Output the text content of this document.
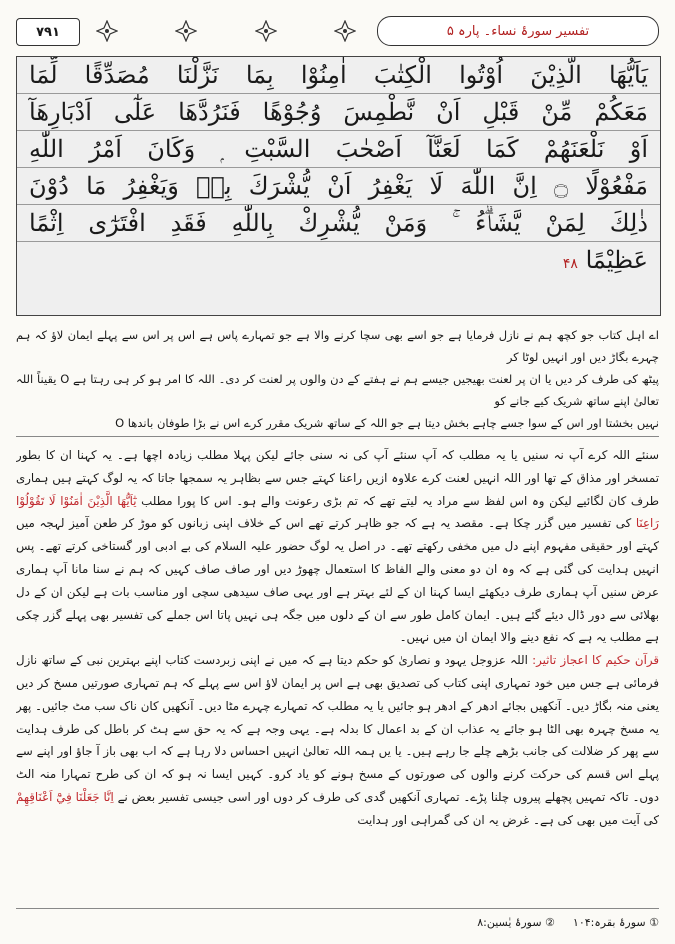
٧٩١	تفسیر سورۂ نساء۔ پارہ ۵
يَاَيُّهَا الَّذِيْنَ اُوْتُوا الْكِتٰبَ اٰمِنُوْا بِمَا نَزَّلْنَا مُصَدِّقًا لِّمَا
مَعَكُمْ مِّنْ قَبْلِ اَنْ نَّطْمِسَ وُجُوْهًا فَنَرُدَّهَا عَلٰٓى اَدْبَارِهَآ
اَوْ نَلْعَنَهُمْ كَمَا لَعَنَّآ اَصْحٰبَ السَّبْتِ ۭ وَكَانَ اَمْرُ اللّٰهِ
مَفْعُوْلًا ۝ اِنَّ اللّٰهَ لَا يَغْفِرُ اَنْ يُّشْرَكَ بِهٖ وَيَغْفِرُ مَا دُوْنَ
ذٰلِكَ لِمَنْ يَّشَاۗءُ ۚ وَمَنْ يُّشْرِكْ بِاللّٰهِ فَقَدِ افْتَرٰٓى اِثْمًا
عَظِيْمًا ۴۸

اے اہل کتاب جو کچھ ہم نے نازل فرمایا ہے جو اسے بھی سچا کرنے والا ہے جو تمہارے پاس ہے اس پر اس سے پہلے ایمان لاؤ کہ ہم چہرے بگاڑ دیں اور انہیں لوٹا کر

پیٹھ کی طرف کر دیں یا ان پر لعنت بھیجیں جیسے ہم نے ہفتے کے دن والوں پر لعنت کر دی۔ اللہ کا امر ہو کر ہی رہتا ہے O یقیناً اللہ تعالیٰ اپنے ساتھ شریک کیے جانے کو

نہیں بخشتا اور اس کے سوا جسے چاہے بخش دیتا ہے جو اللہ کے ساتھ شریک مقرر کرے اس نے بڑا طوفان باندھا O

سنئے اللہ کرے آپ نہ سنیں یا یہ مطلب کہ آپ سنئے آپ کی نہ سنی جائے لیکن پہلا مطلب زیادہ اچھا ہے۔ یہ کہنا ان کا بطور تمسخر اور مذاق کے تھا اور اللہ انہیں لعنت کرے علاوہ ازیں راعنا کہتے جس سے بظاہر یہ سمجھا جاتا کہ یہ لوگ کہتے ہیں ہماری طرف کان لگائیے لیکن وہ اس لفظ سے مراد یہ لیتے تھے کہ تم بڑی رعونت والے ہو۔ اس کا پورا مطلب يٰٓاَيُّهَا الَّذِيْنَ اٰمَنُوْا لَا تَقُوْلُوْا رَاعِنَا کی تفسیر میں گزر چکا ہے۔ مقصد یہ ہے کہ جو ظاہر کرتے تھے اس کے خلاف اپنی زبانوں کو موڑ کر طعن آمیز لہجہ میں کہتے اور حقیقی مفہوم اپنے دل میں مخفی رکھتے تھے۔ در اصل یہ لوگ حضور علیہ السلام کی بے ادبی اور گستاخی کرتے تھے۔ پس انہیں ہدایت کی گئی ہے کہ وہ ان دو معنی والے الفاظ کا استعمال چھوڑ دیں اور صاف صاف کہیں کہ ہم نے سنا مانا آپ ہماری عرض سنیں آپ ہماری طرف دیکھئے ایسا کہنا ان کے لئے بہتر ہے اور یہی صاف سیدھی سچی اور مناسب بات ہے لیکن ان کے دل بھلائی سے دور ڈال دیئے گئے ہیں۔ ایمان کامل طور سے ان کے دلوں میں جگہ ہی نہیں پاتا اس جملے کی تفسیر بھی پہلے گزر چکی ہے مطلب یہ ہے کہ نفع دینے والا ایمان ان میں نہیں۔

قرآن حکیم کا اعجاز تاثیر: اللہ عزوجل یہود و نصاریٰ کو حکم دیتا ہے کہ میں نے اپنی زبردست کتاب اپنے بہترین نبی کے ساتھ نازل فرمائی ہے جس میں خود تمہاری اپنی کتاب کی تصدیق بھی ہے اس پر ایمان لاؤ اس سے پہلے کہ ہم تمہاری صورتیں مسخ کر دیں یعنی منہ بگاڑ دیں۔ آنکھیں بجائے ادھر کے ادھر ہو جائیں یا یہ مطلب کہ تمہارے چہرے مٹا دیں۔ آنکھیں کان ناک سب مٹ جائیں۔ پھر یہ مسخ چہرہ بھی الٹا ہو جائے یہ عذاب ان کے بد اعمال کا بدلہ ہے۔ یہی وجہ ہے کہ یہ حق سے ہٹ کر باطل کی طرف ہدایت سے پھر کر ضلالت کی جانب بڑھے چلے جا رہے ہیں۔ یا یں ہمہ اللہ تعالیٰ انہیں احساس دلا رہا ہے کہ اب بھی باز آ جاؤ اور اپنے سے پہلے اس قسم کی حرکت کرنے والوں کی صورتوں کے مسخ ہونے کو یاد کرو۔ کہیں ایسا نہ ہو کہ ان کی طرح تمہارا منہ الٹ دوں۔ تاکہ تمہیں پچھلے پیروں چلنا پڑے۔ تمہاری آنکھیں گدی کی طرف کر دوں اور اسی جیسی تفسیر بعض نے اِنَّا جَعَلْنَا فِيْٓ اَعْنَاقِهِمْ کی آیت میں بھی کی ہے۔ غرض یہ ان کی گمراہی اور ہدایت

① سورۂ بقرہ:۱۰۴
② سورۂ یٰسین:۸
